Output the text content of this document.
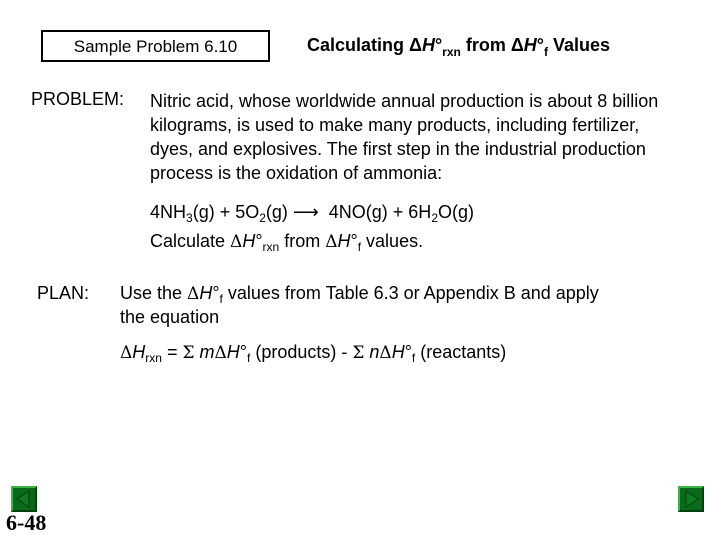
Sample Problem 6.10	Calculating $\Delta H^\circ_{rxn}$ from $\Delta H^\circ_f$ Values
PROBLEM: Nitric acid, whose worldwide annual production is about 8 billion kilograms, is used to make many products, including fertilizer, dyes, and explosives. The first step in the industrial production process is the oxidation of ammonia:
$4NH_3(g) + 5O_2(g)$ ⟶ $4NO(g) + 6H_2O(g)$
Calculate $\Delta H^\circ_{rxn}$ from $\Delta H^\circ_f$ values.
PLAN: Use the $\Delta H^\circ_f$ values from Table 6.3 or Appendix B and apply
the equation
$\Delta H_{rxn} = \Sigma$ $m\Delta H^\circ_f$ (products) - Σ $n\Delta H^\circ_f$ (reactants)
6-48
